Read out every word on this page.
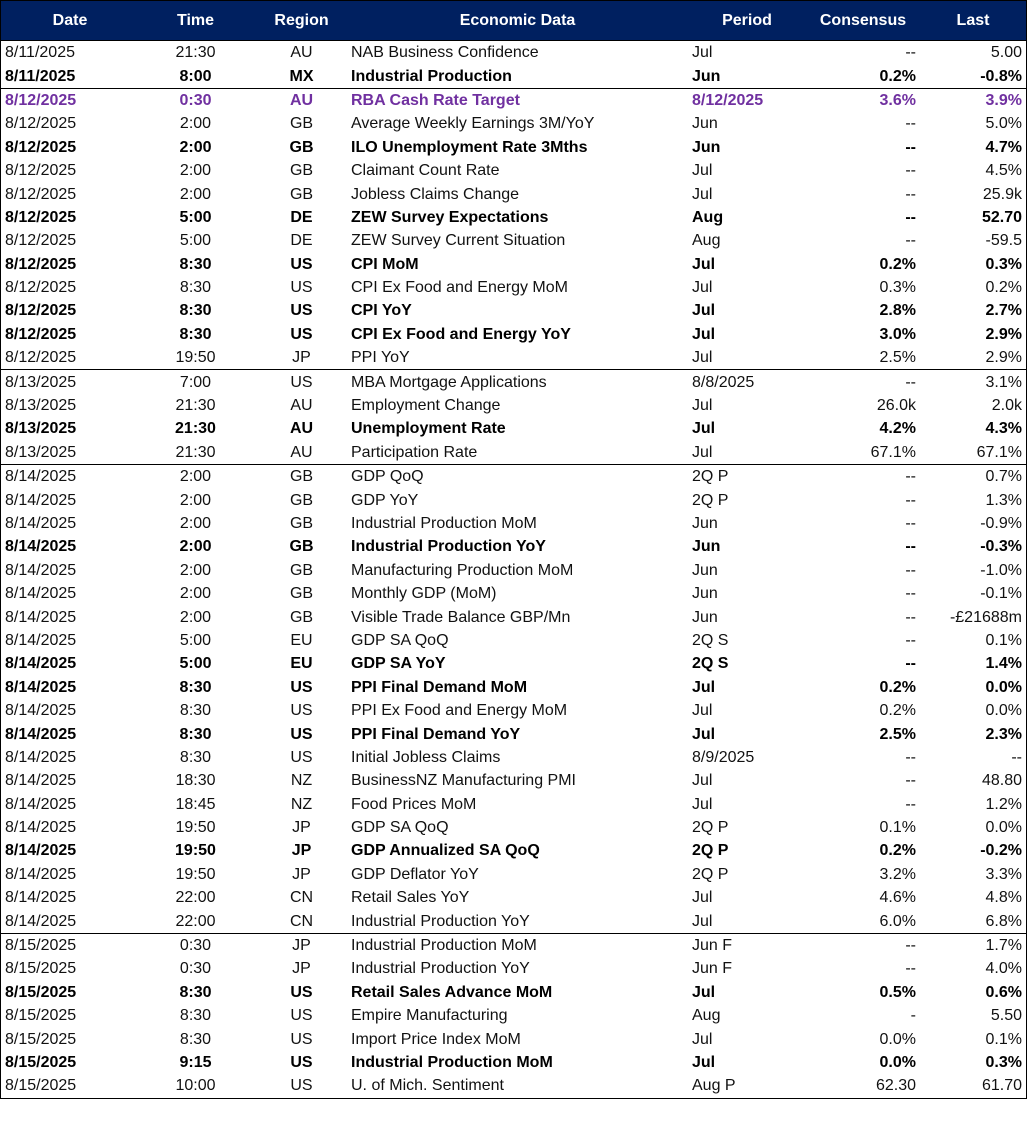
Date	Time	Region	Economic Data	Period	Consensus	Last
8/11/2025	21:30	AU	NAB Business Confidence	Jul	--	5.00
8/11/2025	8:00	MX	Industrial Production	Jun	0.2%	-0.8%
8/12/2025	0:30	AU	RBA Cash Rate Target	8/12/2025	3.6%	3.9%
8/12/2025	2:00	GB	Average Weekly Earnings 3M/YoY	Jun	--	5.0%
8/12/2025	2:00	GB	ILO Unemployment Rate 3Mths	Jun	--	4.7%
8/12/2025	2:00	GB	Claimant Count Rate	Jul	--	4.5%
8/12/2025	2:00	GB	Jobless Claims Change	Jul	--	25.9k
8/12/2025	5:00	DE	ZEW Survey Expectations	Aug	--	52.70
8/12/2025	5:00	DE	ZEW Survey Current Situation	Aug	--	-59.5
8/12/2025	8:30	US	CPI MoM	Jul	0.2%	0.3%
8/12/2025	8:30	US	CPI Ex Food and Energy MoM	Jul	0.3%	0.2%
8/12/2025	8:30	US	CPI YoY	Jul	2.8%	2.7%
8/12/2025	8:30	US	CPI Ex Food and Energy YoY	Jul	3.0%	2.9%
8/12/2025	19:50	JP	PPI YoY	Jul	2.5%	2.9%
8/13/2025	7:00	US	MBA Mortgage Applications	8/8/2025	--	3.1%
8/13/2025	21:30	AU	Employment Change	Jul	26.0k	2.0k
8/13/2025	21:30	AU	Unemployment Rate	Jul	4.2%	4.3%
8/13/2025	21:30	AU	Participation Rate	Jul	67.1%	67.1%
8/14/2025	2:00	GB	GDP QoQ	2Q P	--	0.7%
8/14/2025	2:00	GB	GDP YoY	2Q P	--	1.3%
8/14/2025	2:00	GB	Industrial Production MoM	Jun	--	-0.9%
8/14/2025	2:00	GB	Industrial Production YoY	Jun	--	-0.3%
8/14/2025	2:00	GB	Manufacturing Production MoM	Jun	--	-1.0%
8/14/2025	2:00	GB	Monthly GDP (MoM)	Jun	--	-0.1%
8/14/2025	2:00	GB	Visible Trade Balance GBP/Mn	Jun	--	-£21688m
8/14/2025	5:00	EU	GDP SA QoQ	2Q S	--	0.1%
8/14/2025	5:00	EU	GDP SA YoY	2Q S	--	1.4%
8/14/2025	8:30	US	PPI Final Demand MoM	Jul	0.2%	0.0%
8/14/2025	8:30	US	PPI Ex Food and Energy MoM	Jul	0.2%	0.0%
8/14/2025	8:30	US	PPI Final Demand YoY	Jul	2.5%	2.3%
8/14/2025	8:30	US	Initial Jobless Claims	8/9/2025	--	--
8/14/2025	18:30	NZ	BusinessNZ Manufacturing PMI	Jul	--	48.80
8/14/2025	18:45	NZ	Food Prices MoM	Jul	--	1.2%
8/14/2025	19:50	JP	GDP SA QoQ	2Q P	0.1%	0.0%
8/14/2025	19:50	JP	GDP Annualized SA QoQ	2Q P	0.2%	-0.2%
8/14/2025	19:50	JP	GDP Deflator YoY	2Q P	3.2%	3.3%
8/14/2025	22:00	CN	Retail Sales YoY	Jul	4.6%	4.8%
8/14/2025	22:00	CN	Industrial Production YoY	Jul	6.0%	6.8%
8/15/2025	0:30	JP	Industrial Production MoM	Jun F	--	1.7%
8/15/2025	0:30	JP	Industrial Production YoY	Jun F	--	4.0%
8/15/2025	8:30	US	Retail Sales Advance MoM	Jul	0.5%	0.6%
8/15/2025	8:30	US	Empire Manufacturing	Aug	-	5.50
8/15/2025	8:30	US	Import Price Index MoM	Jul	0.0%	0.1%
8/15/2025	9:15	US	Industrial Production MoM	Jul	0.0%	0.3%
8/15/2025	10:00	US	U. of Mich. Sentiment	Aug P	62.30	61.70
